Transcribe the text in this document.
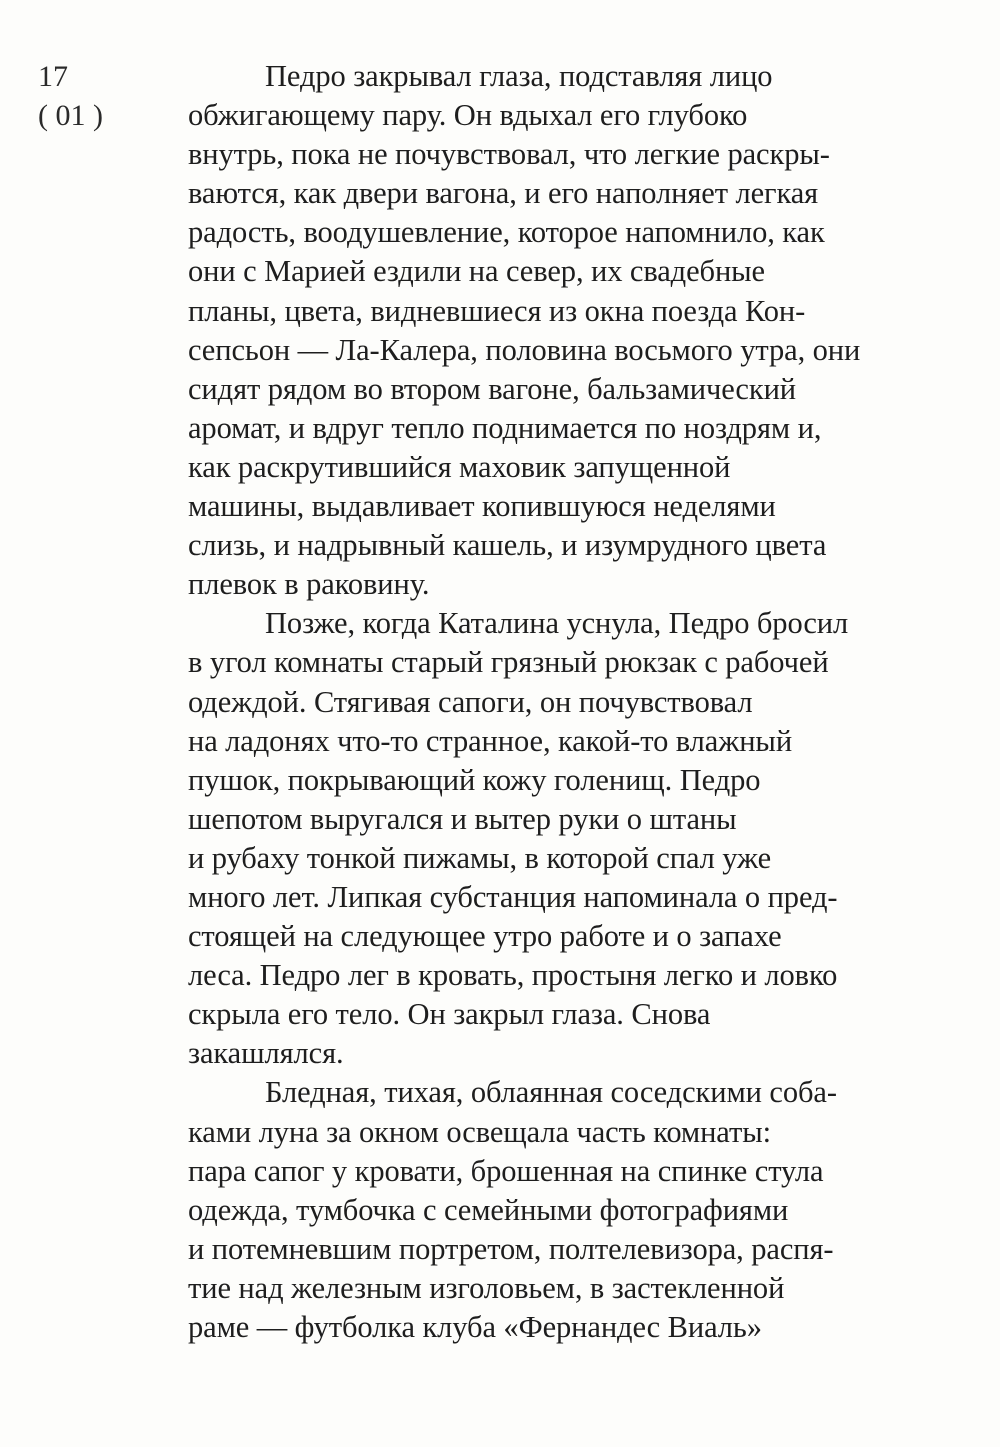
17
( 01 )
Педро закрывал глаза, подставляя лицо
обжигающему пару. Он вдыхал его глубоко
внутрь, пока не почувствовал, что легкие раскры-
ваются, как двери вагона, и его наполняет легкая
радость, воодушевление, которое напомнило, как
они с Марией ездили на север, их свадебные
планы, цвета, видневшиеся из окна поезда Кон-
сепсьон — Ла-Калера, половина восьмого утра, они
сидят рядом во втором вагоне, бальзамический
аромат, и вдруг тепло поднимается по ноздрям и,
как раскрутившийся маховик запущенной
машины, выдавливает копившуюся неделями
слизь, и надрывный кашель, и изумрудного цвета
плевок в раковину.
Позже, когда Каталина уснула, Педро бросил
в угол комнаты старый грязный рюкзак с рабочей
одеждой. Стягивая сапоги, он почувствовал
на ладонях что-то странное, какой-то влажный
пушок, покрывающий кожу голенищ. Педро
шепотом выругался и вытер руки о штаны
и рубаху тонкой пижамы, в которой спал уже
много лет. Липкая субстанция напоминала о пред-
стоящей на следующее утро работе и о запахе
леса. Педро лег в кровать, простыня легко и ловко
скрыла его тело. Он закрыл глаза. Снова
закашлялся.
Бледная, тихая, облаянная соседскими соба-
ками луна за окном освещала часть комнаты:
пара сапог у кровати, брошенная на спинке стула
одежда, тумбочка с семейными фотографиями
и потемневшим портретом, полтелевизора, распя-
тие над железным изголовьем, в застекленной
раме — футболка клуба «Фернандес Виаль»
